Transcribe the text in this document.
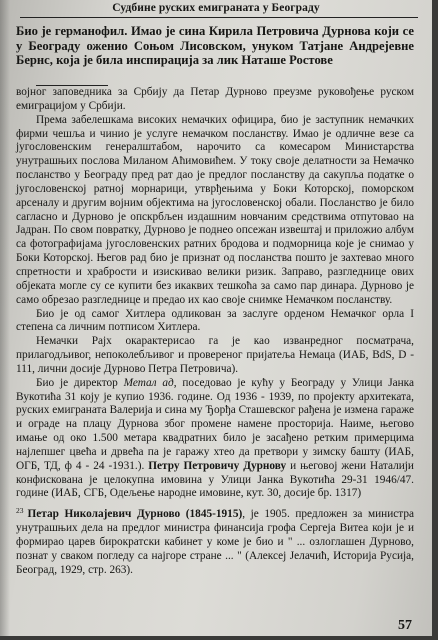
Судбине руских емиграната у Београду

Био је германофил. Имао је сина Кирила Петровича Дурнова који се у Београду оженио Соњом Лисовском, унуком Татјане Андрејевне Бернс, која је била инспирација за лик Наташе Ростове

војног заповедника за Србију да Петар Дурново преузме руковођење руском емиграцијом у Србији.

Према забелешкама високих немачких официра, био је заступник немачких фирми чешља и чинио је услуге немачком посланству. Имао је одличне везе са југословенским генералштабом, нарочито са комесаром Министарства унутрашњих послова Миланом Аћимовићем. У току своје делатности за Немачко посланство у Београду пред рат дао је предлог посланству да сакупља податке о југословенској ратној морнарици, утврђењима у Боки Которској, поморском арсеналу и другим војним објектима на југословенској обали. Посланство је било сагласно и Дурново је опскрбљен издашним новчаним средствима отпутовао на Јадран. По свом повратку, Дурново је поднео опсежан извештај и приложио албум са фотографијама југословенских ратних бродова и подморница које је снимао у Боки Которској. Његов рад био је признат од посланства пошто је захтевао много спретности и храбрости и изискивао велики ризик. Заправо, разгледнице ових објеката могле су се купити без икаквих тешкоћа за само пар динара. Дурново је само обрезао разгледнице и предао их као своје снимке Немачком посланству.

Био је од самог Хитлера одликован за заслуге орденом Немачког орла I степена са личним потписом Хитлера.

Немачки Рајх окарактерисао га је као изванредног посматрача, прилагодљивог, непоколебљивог и провереног пријатеља Немаца (ИАБ, BdS, D - 111, лични досије Дурново Петра Петровича).

Био је директор Метал ад, поседовао је кућу у Београду у Улици Јанка Вукотића 31 коју је купио 1936. године. Од 1936 - 1939, по пројекту архитеката, руских емиграната Валерија и сина му Ђорђа Сташевског рађена је измена гараже и ограде на плацу Дурнова због промене намене просторија. Наиме, његово имање од око 1.500 метара квадратних било је засађено ретким примерцима најлепшег цвећа и дрвећа па је гаражу хтео да претвори у зимску башту (ИАБ, ОГБ, ТД, ф 4 - 24 -1931.). Петру Петровичу Дурнову и његовој жени Наталији конфискована је целокупна имовина у Улици Јанка Вукотића 29-31 1946/47. године (ИАБ, СГБ, Одељење народне имовине, кут. 30, досије бр. 1317)

$^{23}$ Петар Николајевич Дурново (1845-1915), је 1905. предложен за министра унутрашњих дела на предлог министра финансија грофа Сергеја Витеа који је и формирао царев бирократски кабинет у коме је био и " ... озлоглашен Дурново, познат у сваком погледу са најгоре стране ... " (Алексеј Јелачић, Историја Русија, Београд, 1929, стр. 263).

57
